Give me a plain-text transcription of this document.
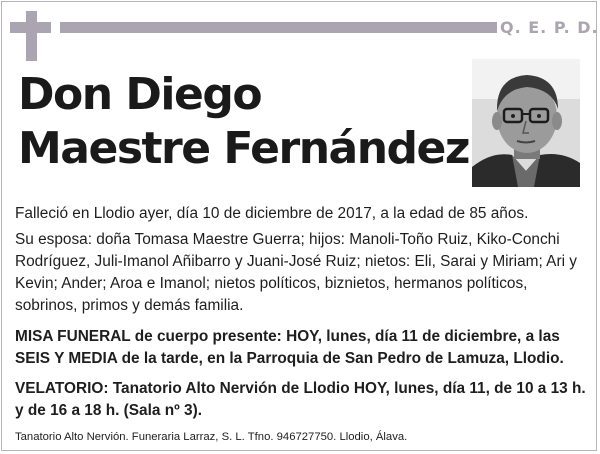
Q. E. P. D.
Don Diego
Maestre Fernández
Falleció en Llodio ayer, día 10 de diciembre de 2017, a la edad de 85 años.
Su esposa: doña Tomasa Maestre Guerra; hijos: Manoli-Toño Ruiz, Kiko-Conchi Rodríguez, Juli-Imanol Añibarro y Juani-José Ruiz; nietos: Eli, Sarai y Miriam; Ari y Kevin; Ander; Aroa e Imanol; nietos políticos, biznietos, hermanos políticos, sobrinos, primos y demás familia.
MISA FUNERAL de cuerpo presente: HOY, lunes, día 11 de diciembre, a las SEIS Y MEDIA de la tarde, en la Parroquia de San Pedro de Lamuza, Llodio.
VELATORIO: Tanatorio Alto Nervión de Llodio HOY, lunes, día 11, de 10 a 13 h. y de 16 a 18 h. (Sala nº 3).
Tanatorio Alto Nervión. Funeraria Larraz, S. L. Tfno. 946727750. Llodio, Álava.
